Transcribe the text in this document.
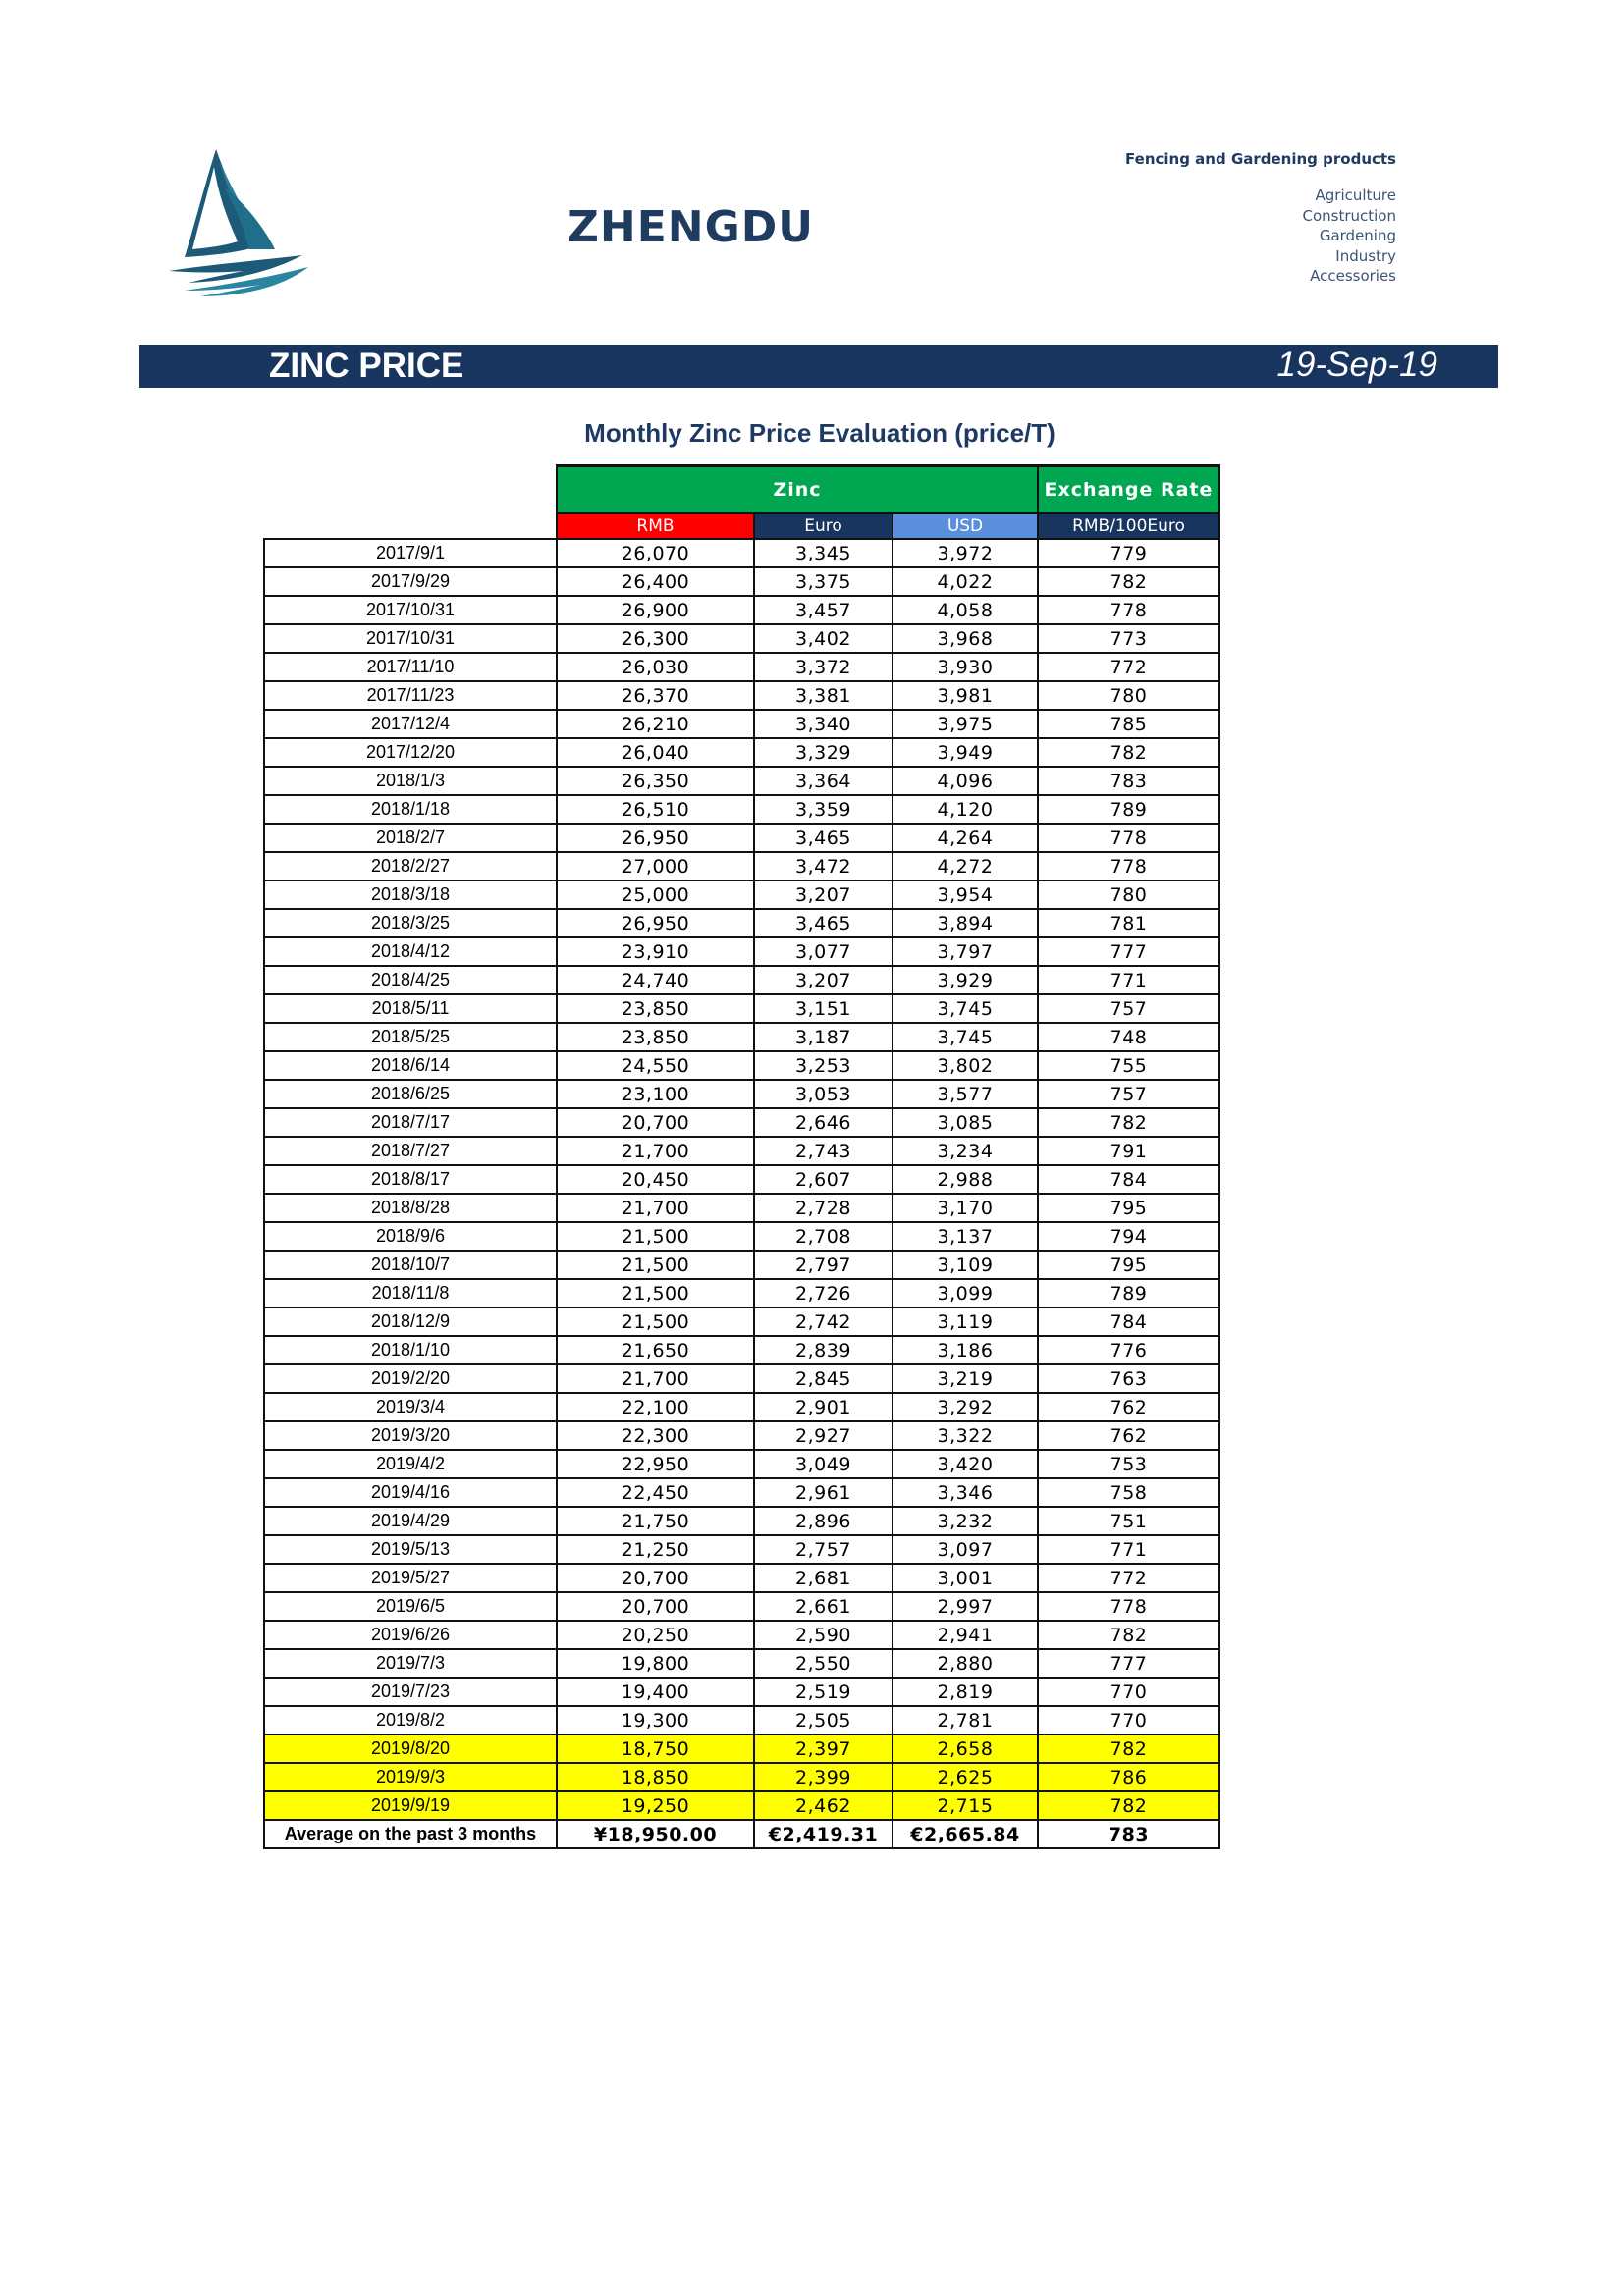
ZHENGDU
Fencing and Gardening products
Agriculture
Construction
Gardening
Industry
Accessories
ZINC PRICE	19-Sep-19
Monthly Zinc Price Evaluation (price/T)
	Zinc			Exchange Rate
	RMB	Euro	USD	RMB/100Euro
2017/9/1	26,070	3,345	3,972	779
2017/9/29	26,400	3,375	4,022	782
2017/10/31	26,900	3,457	4,058	778
2017/10/31	26,300	3,402	3,968	773
2017/11/10	26,030	3,372	3,930	772
2017/11/23	26,370	3,381	3,981	780
2017/12/4	26,210	3,340	3,975	785
2017/12/20	26,040	3,329	3,949	782
2018/1/3	26,350	3,364	4,096	783
2018/1/18	26,510	3,359	4,120	789
2018/2/7	26,950	3,465	4,264	778
2018/2/27	27,000	3,472	4,272	778
2018/3/18	25,000	3,207	3,954	780
2018/3/25	26,950	3,465	3,894	781
2018/4/12	23,910	3,077	3,797	777
2018/4/25	24,740	3,207	3,929	771
2018/5/11	23,850	3,151	3,745	757
2018/5/25	23,850	3,187	3,745	748
2018/6/14	24,550	3,253	3,802	755
2018/6/25	23,100	3,053	3,577	757
2018/7/17	20,700	2,646	3,085	782
2018/7/27	21,700	2,743	3,234	791
2018/8/17	20,450	2,607	2,988	784
2018/8/28	21,700	2,728	3,170	795
2018/9/6	21,500	2,708	3,137	794
2018/10/7	21,500	2,797	3,109	795
2018/11/8	21,500	2,726	3,099	789
2018/12/9	21,500	2,742	3,119	784
2018/1/10	21,650	2,839	3,186	776
2019/2/20	21,700	2,845	3,219	763
2019/3/4	22,100	2,901	3,292	762
2019/3/20	22,300	2,927	3,322	762
2019/4/2	22,950	3,049	3,420	753
2019/4/16	22,450	2,961	3,346	758
2019/4/29	21,750	2,896	3,232	751
2019/5/13	21,250	2,757	3,097	771
2019/5/27	20,700	2,681	3,001	772
2019/6/5	20,700	2,661	2,997	778
2019/6/26	20,250	2,590	2,941	782
2019/7/3	19,800	2,550	2,880	777
2019/7/23	19,400	2,519	2,819	770
2019/8/2	19,300	2,505	2,781	770
2019/8/20	18,750	2,397	2,658	782
2019/9/3	18,850	2,399	2,625	786
2019/9/19	19,250	2,462	2,715	782
Average on the past 3 months	¥18,950.00	€2,419.31	€2,665.84	783
